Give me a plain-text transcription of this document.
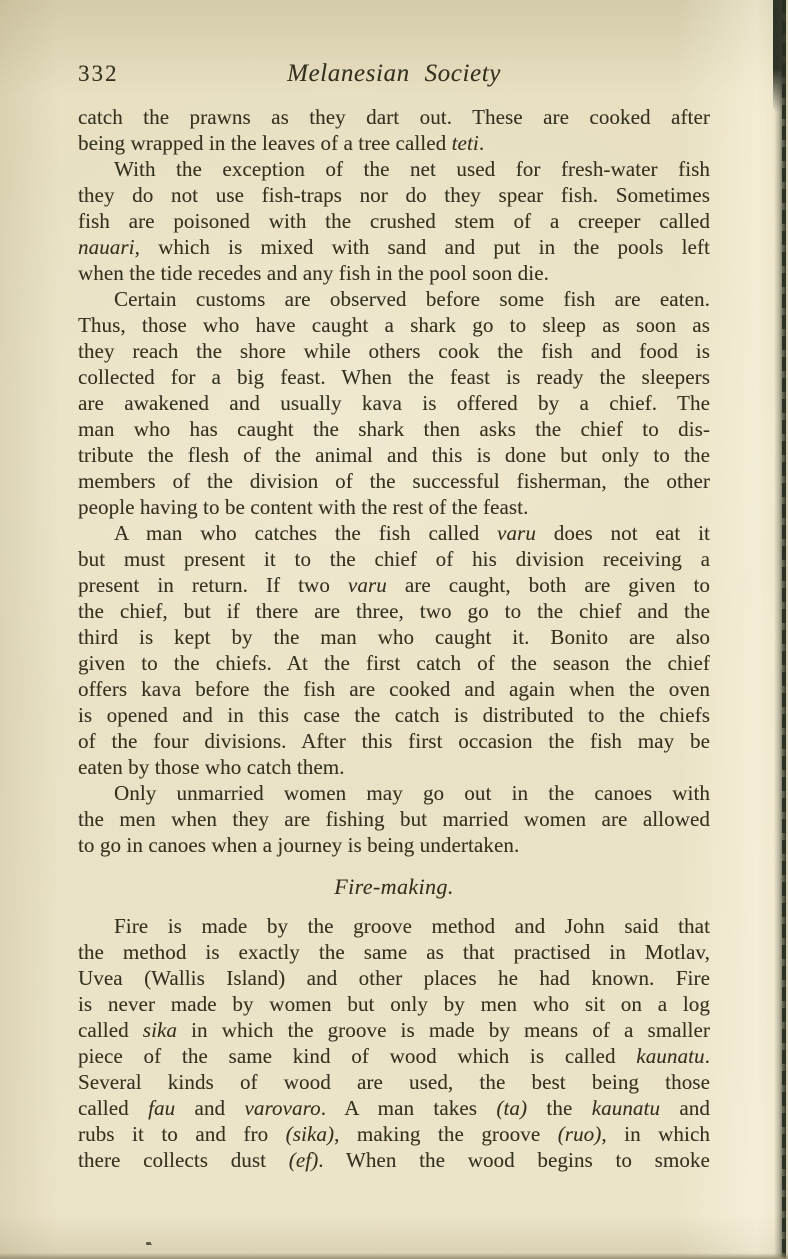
332	Melanesian Society
catch the prawns as they dart out. These are cooked after
being wrapped in the leaves of a tree called teti.
With the exception of the net used for fresh-water fish
they do not use fish-traps nor do they spear fish. Sometimes
fish are poisoned with the crushed stem of a creeper called
nauari, which is mixed with sand and put in the pools left
when the tide recedes and any fish in the pool soon die.
Certain customs are observed before some fish are eaten.
Thus, those who have caught a shark go to sleep as soon as
they reach the shore while others cook the fish and food is
collected for a big feast. When the feast is ready the sleepers
are awakened and usually kava is offered by a chief. The
man who has caught the shark then asks the chief to dis-
tribute the flesh of the animal and this is done but only to the
members of the division of the successful fisherman, the other
people having to be content with the rest of the feast.
A man who catches the fish called varu does not eat it
but must present it to the chief of his division receiving a
present in return. If two varu are caught, both are given to
the chief, but if there are three, two go to the chief and the
third is kept by the man who caught it. Bonito are also
given to the chiefs. At the first catch of the season the chief
offers kava before the fish are cooked and again when the oven
is opened and in this case the catch is distributed to the chiefs
of the four divisions. After this first occasion the fish may be
eaten by those who catch them.
Only unmarried women may go out in the canoes with
the men when they are fishing but married women are allowed
to go in canoes when a journey is being undertaken.
Fire-making.
Fire is made by the groove method and John said that
the method is exactly the same as that practised in Motlav,
Uvea (Wallis Island) and other places he had known. Fire
is never made by women but only by men who sit on a log
called sika in which the groove is made by means of a smaller
piece of the same kind of wood which is called kaunatu.
Several kinds of wood are used, the best being those
called fau and varovaro. A man takes (ta) the kaunatu and
rubs it to and fro (sika), making the groove (ruo), in which
there collects dust (ef). When the wood begins to smoke
